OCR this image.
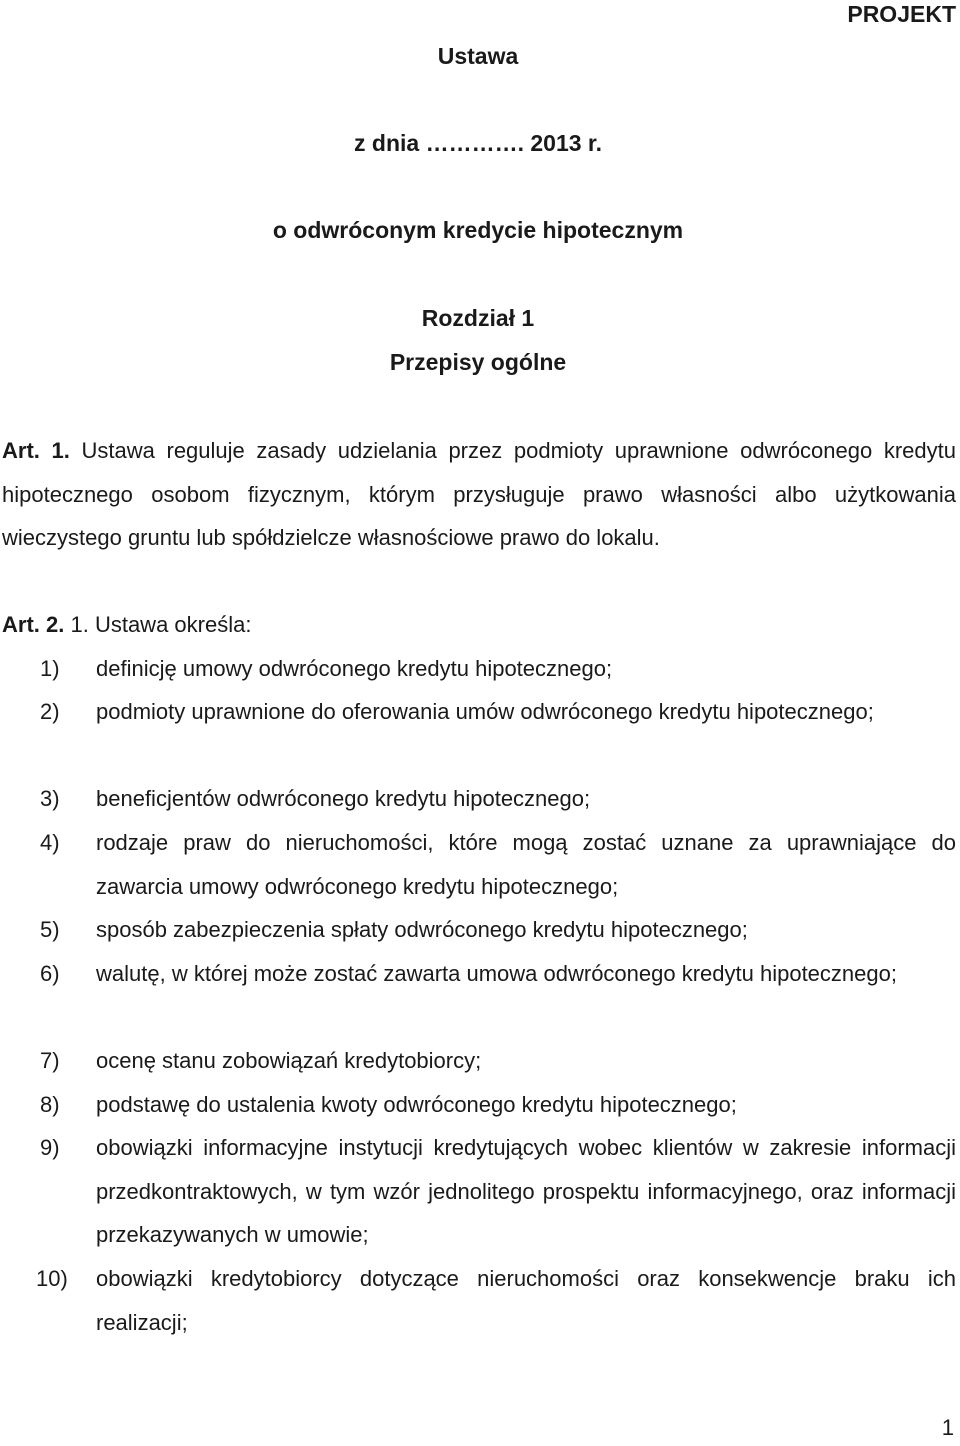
PROJEKT
Ustawa
z dnia …………. 2013 r.
o odwróconym kredycie hipotecznym
Rozdział 1
Przepisy ogólne
Art. 1. Ustawa reguluje zasady udzielania przez podmioty uprawnione odwróconego kredytu hipotecznego osobom fizycznym, którym przysługuje prawo własności albo użytkowania wieczystego gruntu lub spółdzielcze własnościowe prawo do lokalu.
Art. 2. 1. Ustawa określa:
1) definicję umowy odwróconego kredytu hipotecznego;
2) podmioty uprawnione do oferowania umów odwróconego kredytu hipotecznego;
3) beneficjentów odwróconego kredytu hipotecznego;
4) rodzaje praw do nieruchomości, które mogą zostać uznane za uprawniające do zawarcia umowy odwróconego kredytu hipotecznego;
5) sposób zabezpieczenia spłaty odwróconego kredytu hipotecznego;
6) walutę, w której może zostać zawarta umowa odwróconego kredytu hipotecznego;
7) ocenę stanu zobowiązań kredytobiorcy;
8) podstawę do ustalenia kwoty odwróconego kredytu hipotecznego;
9) obowiązki informacyjne instytucji kredytujących wobec klientów w zakresie informacji przedkontraktowych, w tym wzór jednolitego prospektu informacyjnego, oraz informacji przekazywanych w umowie;
10) obowiązki kredytobiorcy dotyczące nieruchomości oraz konsekwencje braku ich realizacji;
1
